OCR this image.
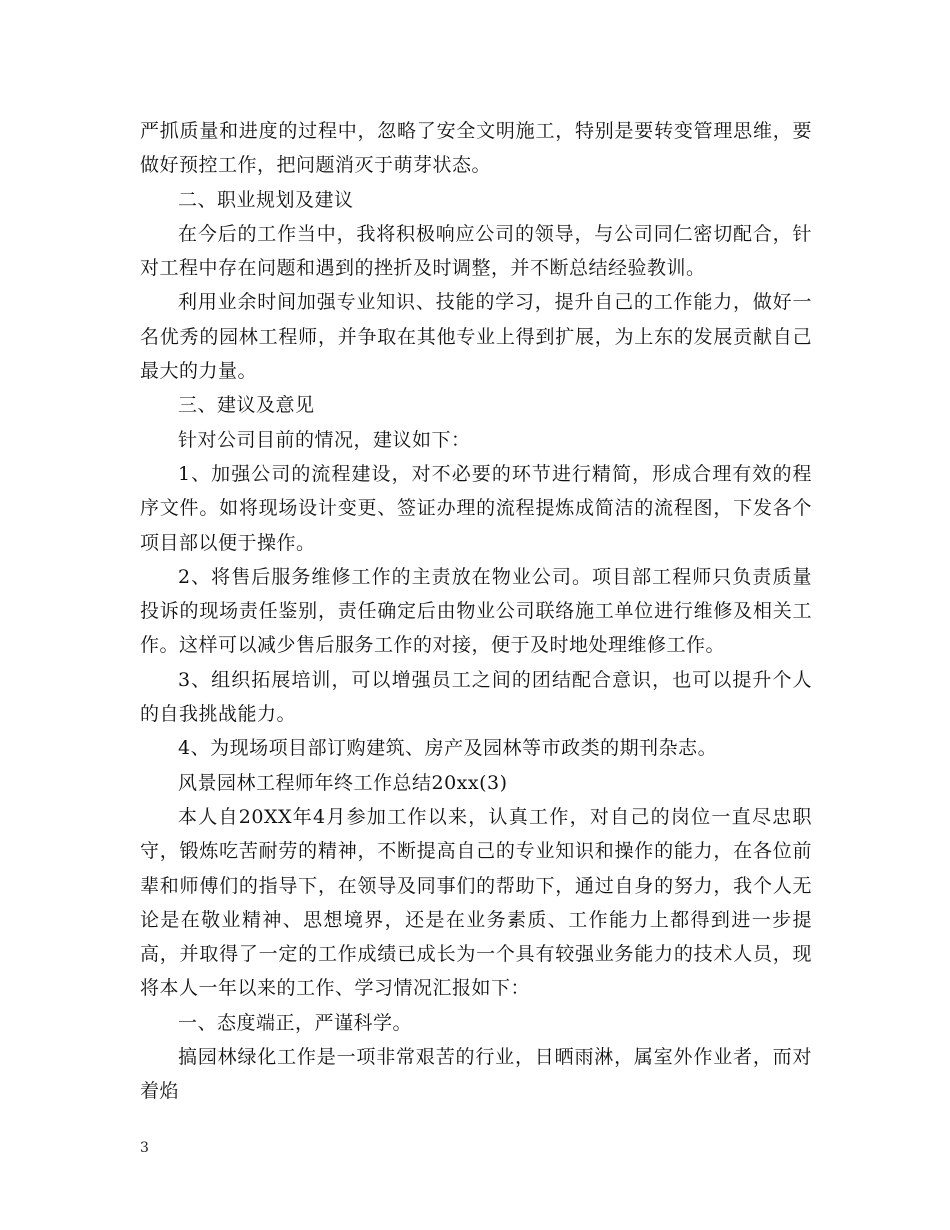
严抓质量和进度的过程中，忽略了安全文明施工，特别是要转变管理思维，要做好预控工作，把问题消灭于萌芽状态。

二、职业规划及建议

在今后的工作当中，我将积极响应公司的领导，与公司同仁密切配合，针对工程中存在问题和遇到的挫折及时调整，并不断总结经验教训。

利用业余时间加强专业知识、技能的学习，提升自己的工作能力，做好一名优秀的园林工程师，并争取在其他专业上得到扩展，为上东的发展贡献自己最大的力量。

三、建议及意见

针对公司目前的情况，建议如下：

1、加强公司的流程建设，对不必要的环节进行精简，形成合理有效的程序文件。如将现场设计变更、签证办理的流程提炼成简洁的流程图，下发各个项目部以便于操作。

2、将售后服务维修工作的主责放在物业公司。项目部工程师只负责质量投诉的现场责任鉴别，责任确定后由物业公司联络施工单位进行维修及相关工作。这样可以减少售后服务工作的对接，便于及时地处理维修工作。

3、组织拓展培训，可以增强员工之间的团结配合意识，也可以提升个人的自我挑战能力。

4、为现场项目部订购建筑、房产及园林等市政类的期刊杂志。

风景园林工程师年终工作总结20xx(3)

本人自20XX年4月参加工作以来，认真工作，对自己的岗位一直尽忠职守，锻炼吃苦耐劳的精神，不断提高自己的专业知识和操作的能力，在各位前辈和师傅们的指导下，在领导及同事们的帮助下，通过自身的努力，我个人无论是在敬业精神、思想境界，还是在业务素质、工作能力上都得到进一步提高，并取得了一定的工作成绩已成长为一个具有较强业务能力的技术人员，现将本人一年以来的工作、学习情况汇报如下：

一、态度端正，严谨科学。

搞园林绿化工作是一项非常艰苦的行业，日晒雨淋，属室外作业者，而对着焰

3
